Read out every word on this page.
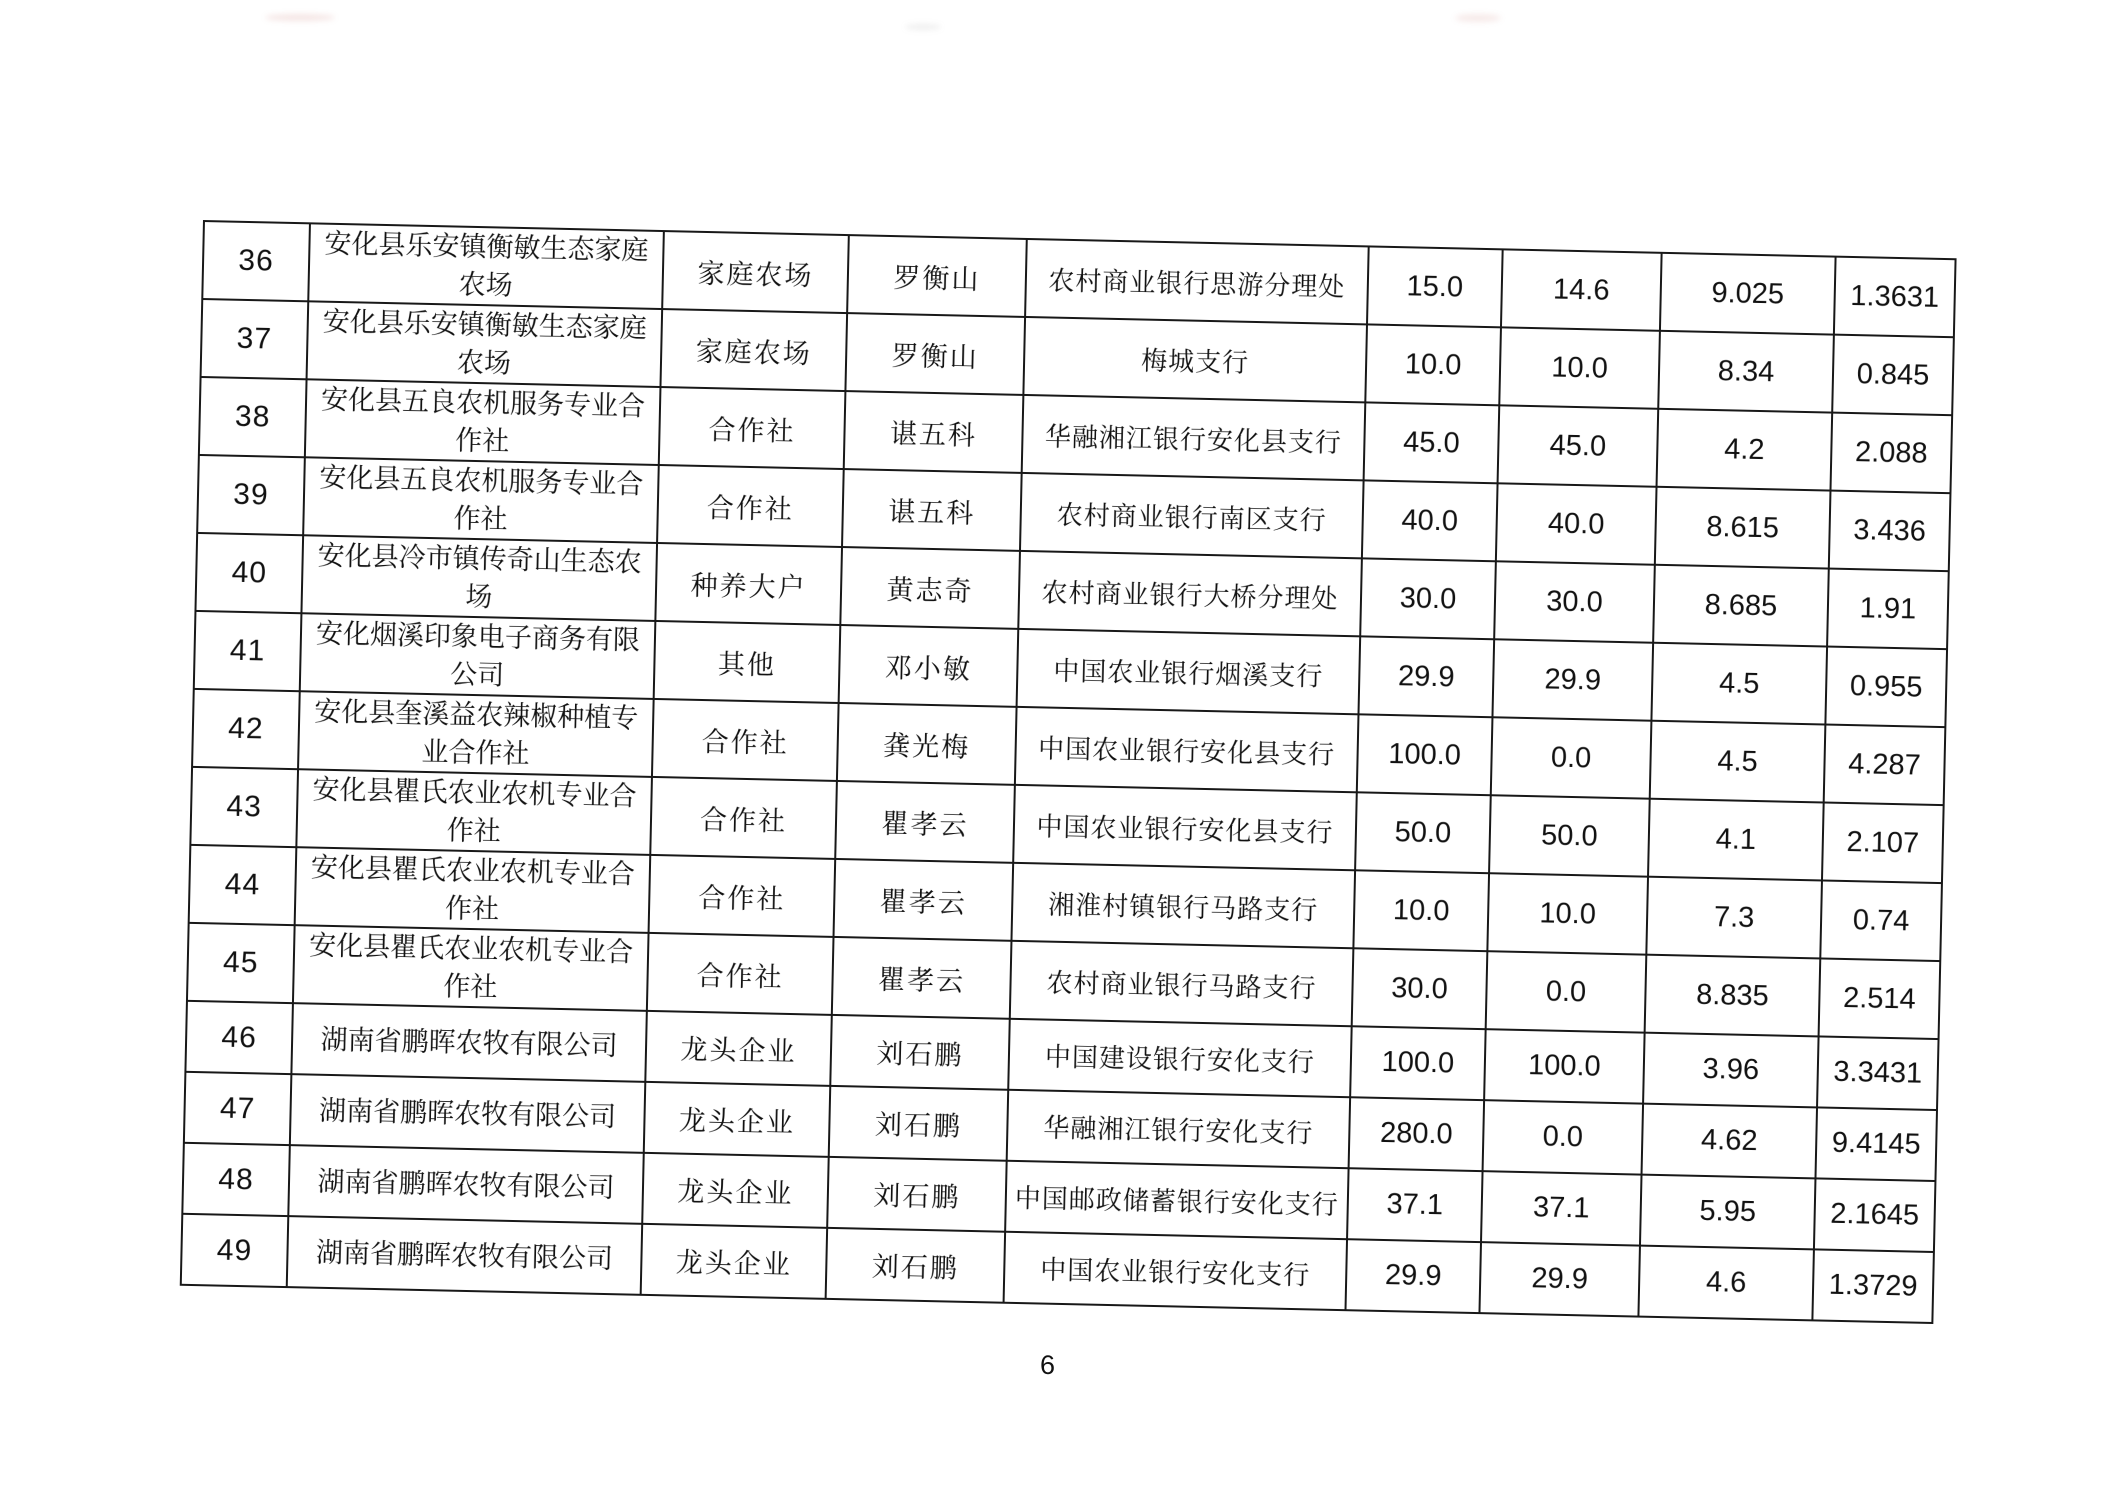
36	安化县乐安镇衡敏生态家庭农场	家庭农场	罗衡山	农村商业银行思游分理处	15.0	14.6	9.025	1.3631
37	安化县乐安镇衡敏生态家庭农场	家庭农场	罗衡山	梅城支行	10.0	10.0	8.34	0.845
38	安化县五良农机服务专业合作社	合作社	谌五科	华融湘江银行安化县支行	45.0	45.0	4.2	2.088
39	安化县五良农机服务专业合作社	合作社	谌五科	农村商业银行南区支行	40.0	40.0	8.615	3.436
40	安化县冷市镇传奇山生态农场	种养大户	黄志奇	农村商业银行大桥分理处	30.0	30.0	8.685	1.91
41	安化烟溪印象电子商务有限公司	其他	邓小敏	中国农业银行烟溪支行	29.9	29.9	4.5	0.955
42	安化县奎溪益农辣椒种植专业合作社	合作社	龚光梅	中国农业银行安化县支行	100.0	0.0	4.5	4.287
43	安化县瞿氏农业农机专业合作社	合作社	瞿孝云	中国农业银行安化县支行	50.0	50.0	4.1	2.107
44	安化县瞿氏农业农机专业合作社	合作社	瞿孝云	湘淮村镇银行马路支行	10.0	10.0	7.3	0.74
45	安化县瞿氏农业农机专业合作社	合作社	瞿孝云	农村商业银行马路支行	30.0	0.0	8.835	2.514
46	湖南省鹏晖农牧有限公司	龙头企业	刘石鹏	中国建设银行安化支行	100.0	100.0	3.96	3.3431
47	湖南省鹏晖农牧有限公司	龙头企业	刘石鹏	华融湘江银行安化支行	280.0	0.0	4.62	9.4145
48	湖南省鹏晖农牧有限公司	龙头企业	刘石鹏	中国邮政储蓄银行安化支行	37.1	37.1	5.95	2.1645
49	湖南省鹏晖农牧有限公司	龙头企业	刘石鹏	中国农业银行安化支行	29.9	29.9	4.6	1.3729
6
